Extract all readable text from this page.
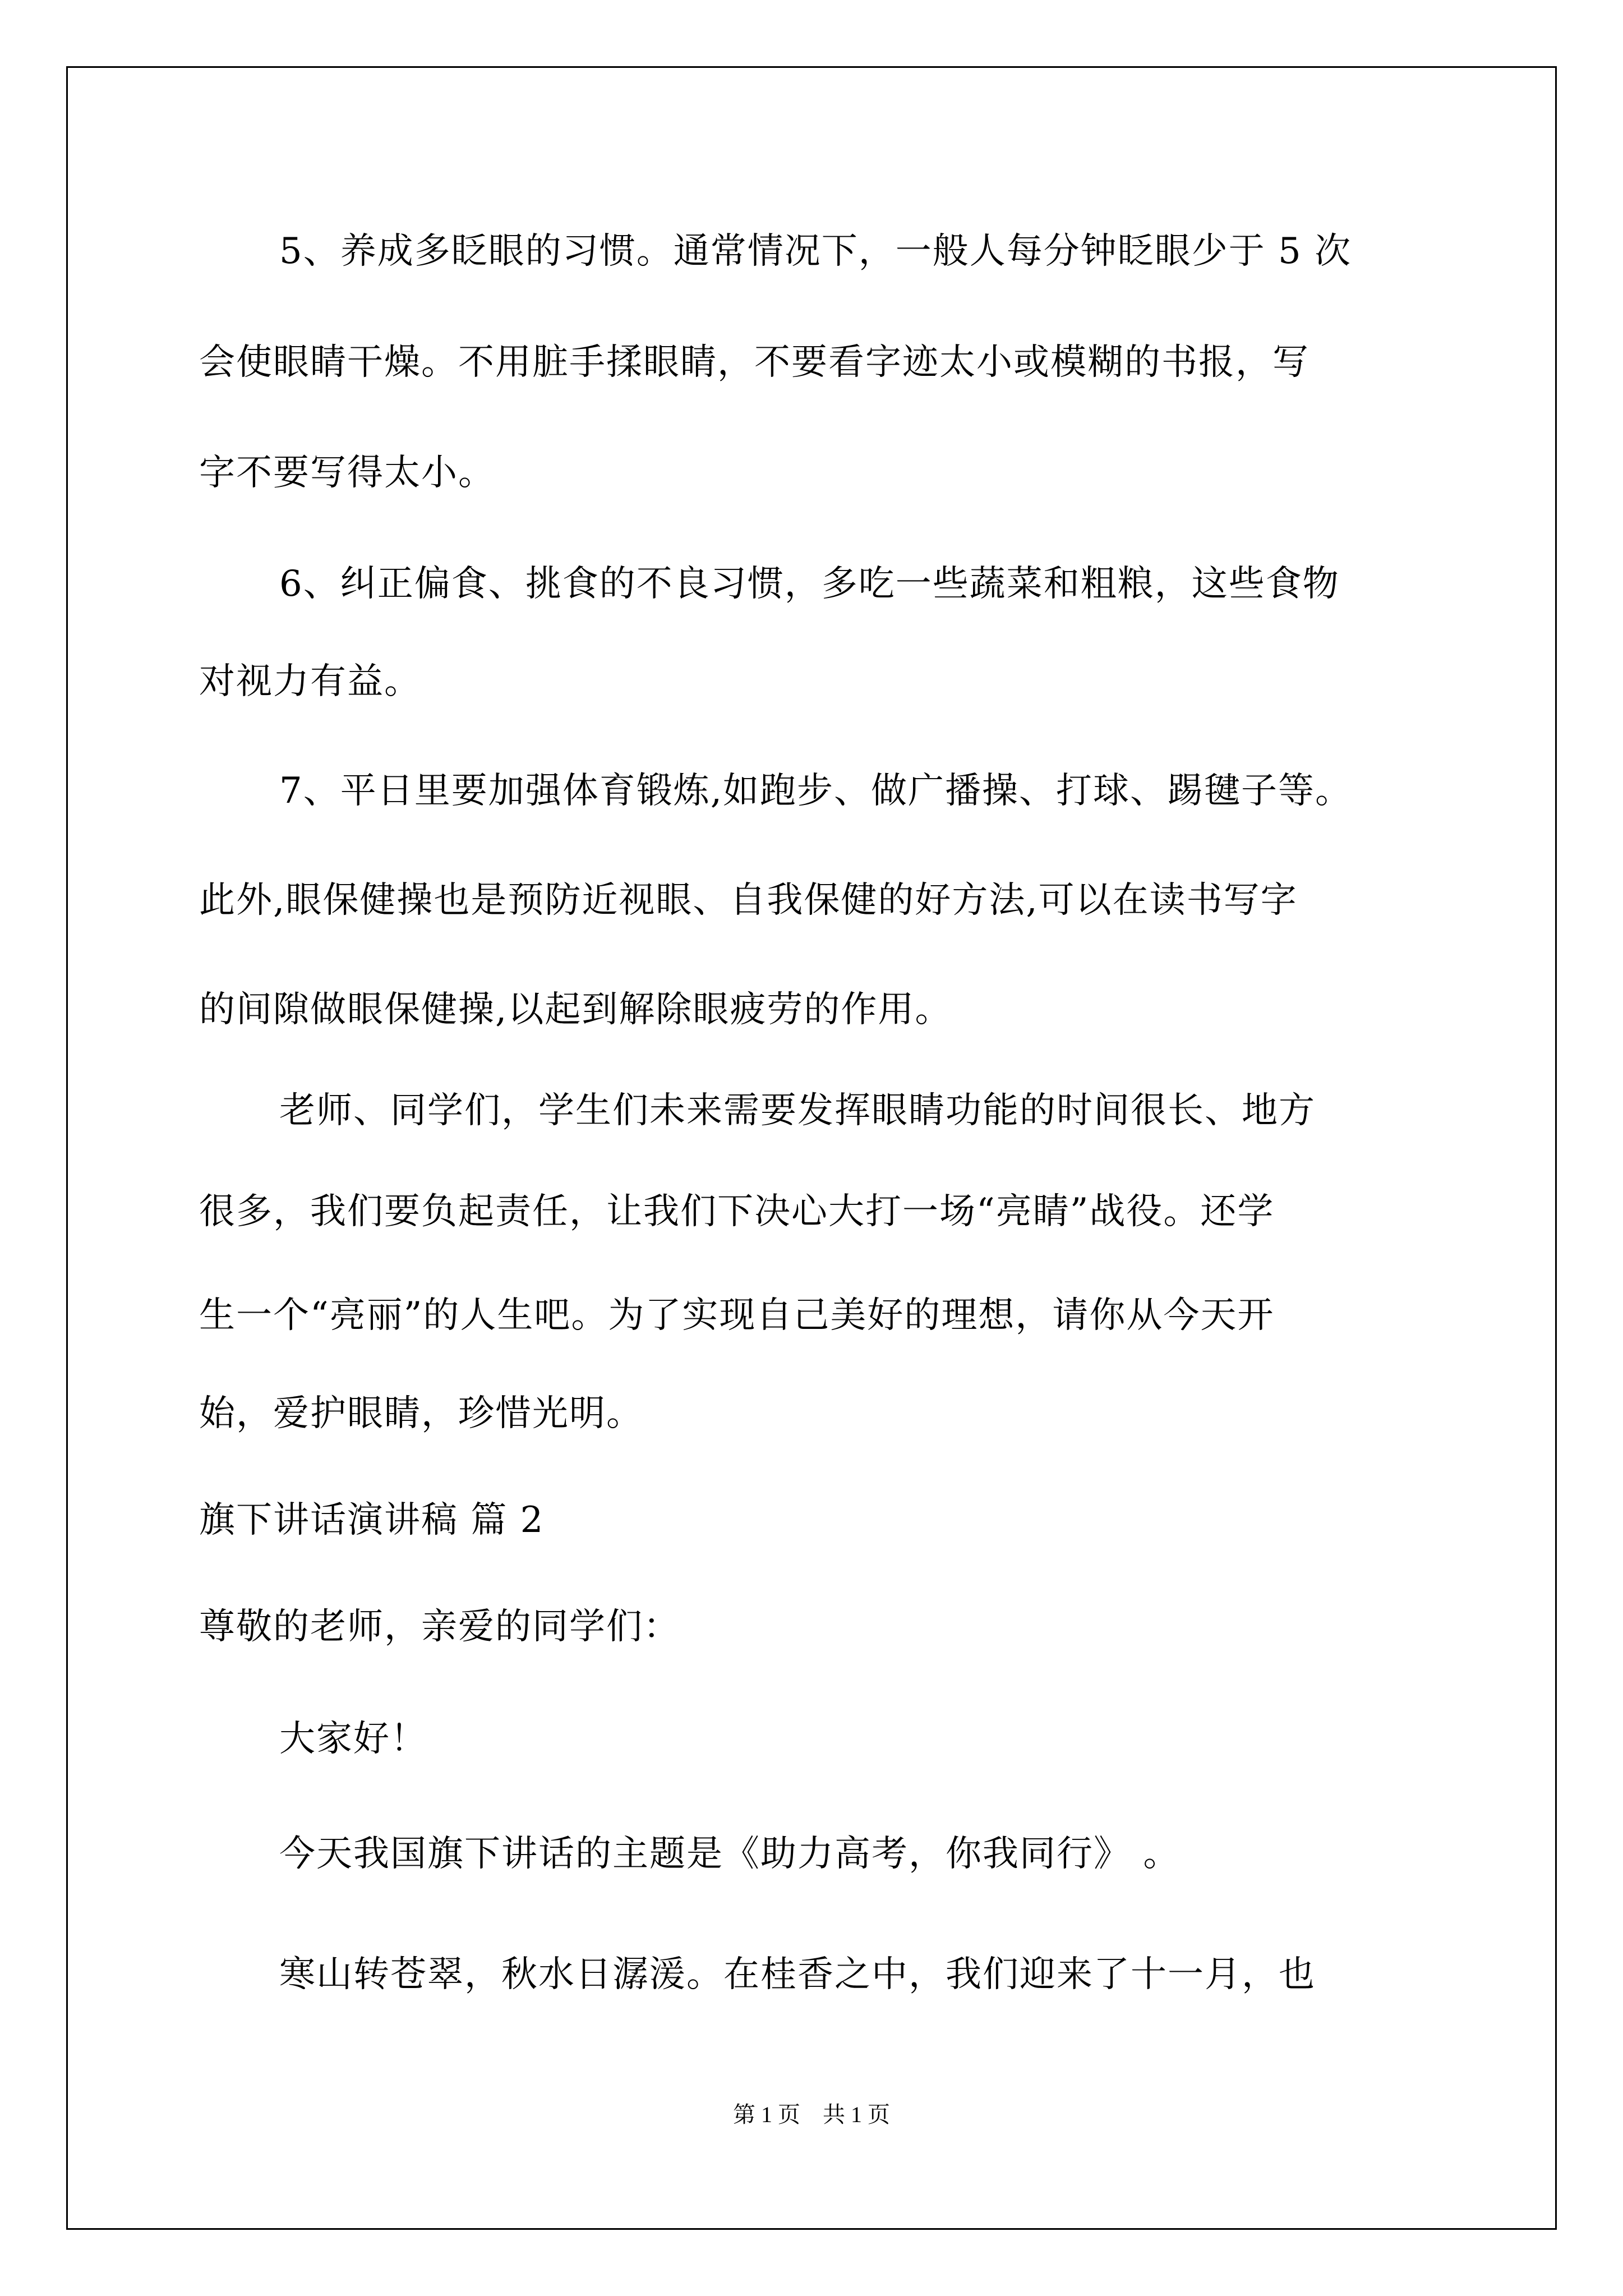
5、养成多眨眼的习惯。通常情况下，一般人每分钟眨眼少于 5 次
会使眼睛干燥。不用脏手揉眼睛，不要看字迹太小或模糊的书报，写
字不要写得太小。
6、纠正偏食、挑食的不良习惯，多吃一些蔬菜和粗粮，这些食物
对视力有益。
7、平日里要加强体育锻炼,如跑步、做广播操、打球、踢毽子等。
此外,眼保健操也是预防近视眼、自我保健的好方法,可以在读书写字
的间隙做眼保健操,以起到解除眼疲劳的作用。
老师、同学们，学生们未来需要发挥眼睛功能的时间很长、地方
很多，我们要负起责任，让我们下决心大打一场“亮睛”战役。还学
生一个“亮丽”的人生吧。为了实现自己美好的理想，请你从今天开
始，爱护眼睛，珍惜光明。
旗下讲话演讲稿 篇 2
尊敬的老师，亲爱的同学们：
大家好！
今天我国旗下讲话的主题是《助力高考，你我同行》 。
寒山转苍翠，秋水日潺湲。在桂香之中，我们迎来了十一月，也
第 1 页　共 1 页
